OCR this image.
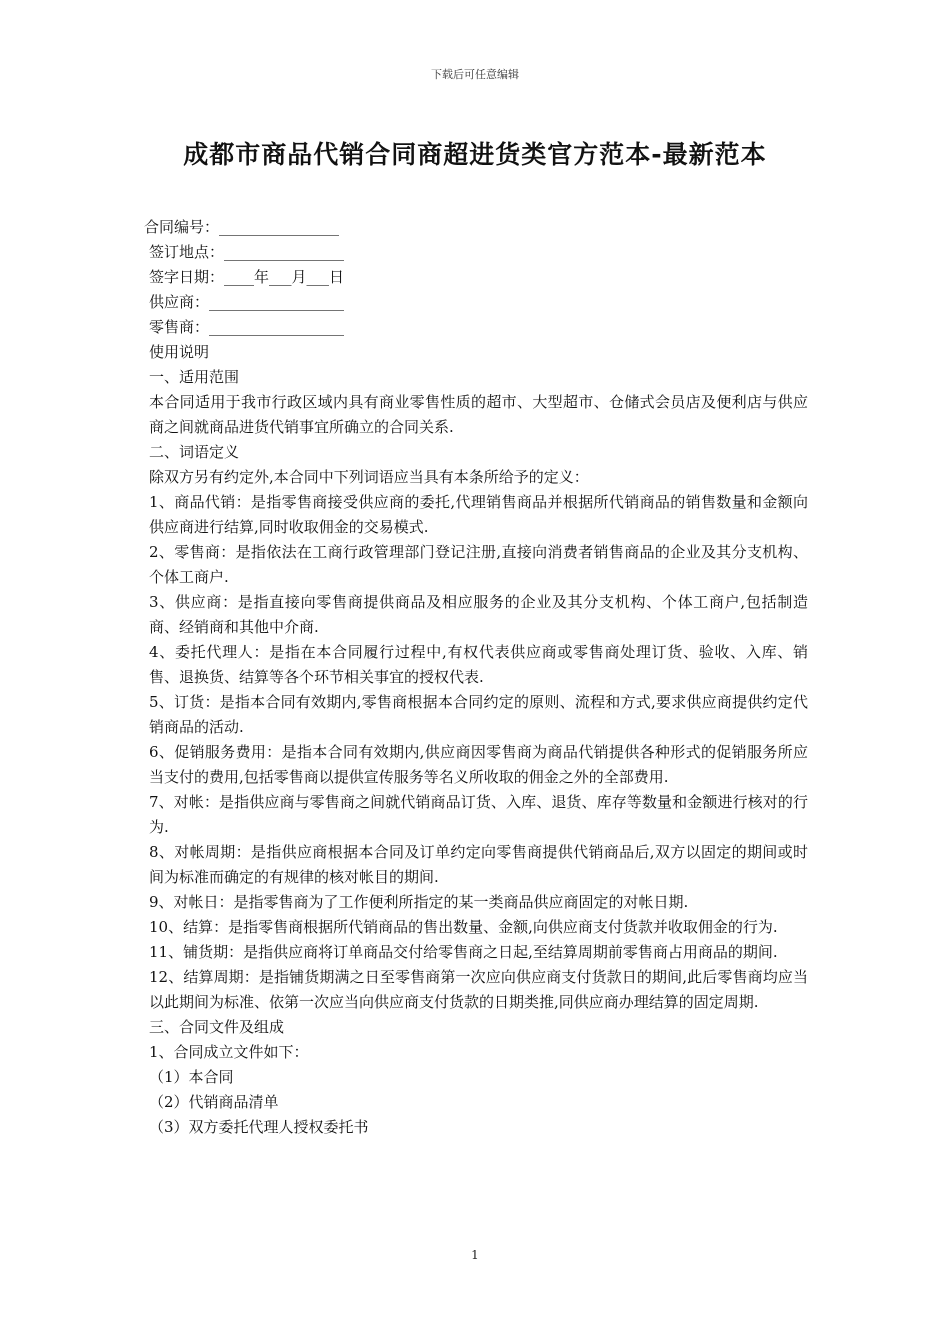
下载后可任意编辑
成都市商品代销合同商超进货类官方范本-最新范本
合同编号：________________
签订地点：________________
签字日期：____年___月___日
供应商：__________________
零售商：__________________
使用说明
一、适用范围
本合同适用于我市行政区域内具有商业零售性质的超市、大型超市、仓储式会员店及便利店与供应商之间就商品进货代销事宜所确立的合同关系.
二、词语定义
除双方另有约定外,本合同中下列词语应当具有本条所给予的定义：
1、商品代销：是指零售商接受供应商的委托,代理销售商品并根据所代销商品的销售数量和金额向供应商进行结算,同时收取佣金的交易模式.
2、零售商：是指依法在工商行政管理部门登记注册,直接向消费者销售商品的企业及其分支机构、个体工商户.
3、供应商：是指直接向零售商提供商品及相应服务的企业及其分支机构、个体工商户,包括制造商、经销商和其他中介商.
4、委托代理人：是指在本合同履行过程中,有权代表供应商或零售商处理订货、验收、入库、销售、退换货、结算等各个环节相关事宜的授权代表.
5、订货：是指本合同有效期内,零售商根据本合同约定的原则、流程和方式,要求供应商提供约定代销商品的活动.
6、促销服务费用：是指本合同有效期内,供应商因零售商为商品代销提供各种形式的促销服务所应当支付的费用,包括零售商以提供宣传服务等名义所收取的佣金之外的全部费用.
7、对帐：是指供应商与零售商之间就代销商品订货、入库、退货、库存等数量和金额进行核对的行为.
8、对帐周期：是指供应商根据本合同及订单约定向零售商提供代销商品后,双方以固定的期间或时间为标准而确定的有规律的核对帐目的期间.
9、对帐日：是指零售商为了工作便利所指定的某一类商品供应商固定的对帐日期.
10、结算：是指零售商根据所代销商品的售出数量、金额,向供应商支付货款并收取佣金的行为.
11、铺货期：是指供应商将订单商品交付给零售商之日起,至结算周期前零售商占用商品的期间.
12、结算周期：是指铺货期满之日至零售商第一次应向供应商支付货款日的期间,此后零售商均应当以此期间为标准、依第一次应当向供应商支付货款的日期类推,同供应商办理结算的固定周期.
三、合同文件及组成
1、合同成立文件如下：
（1）本合同
（2）代销商品清单
（3）双方委托代理人授权委托书
1
